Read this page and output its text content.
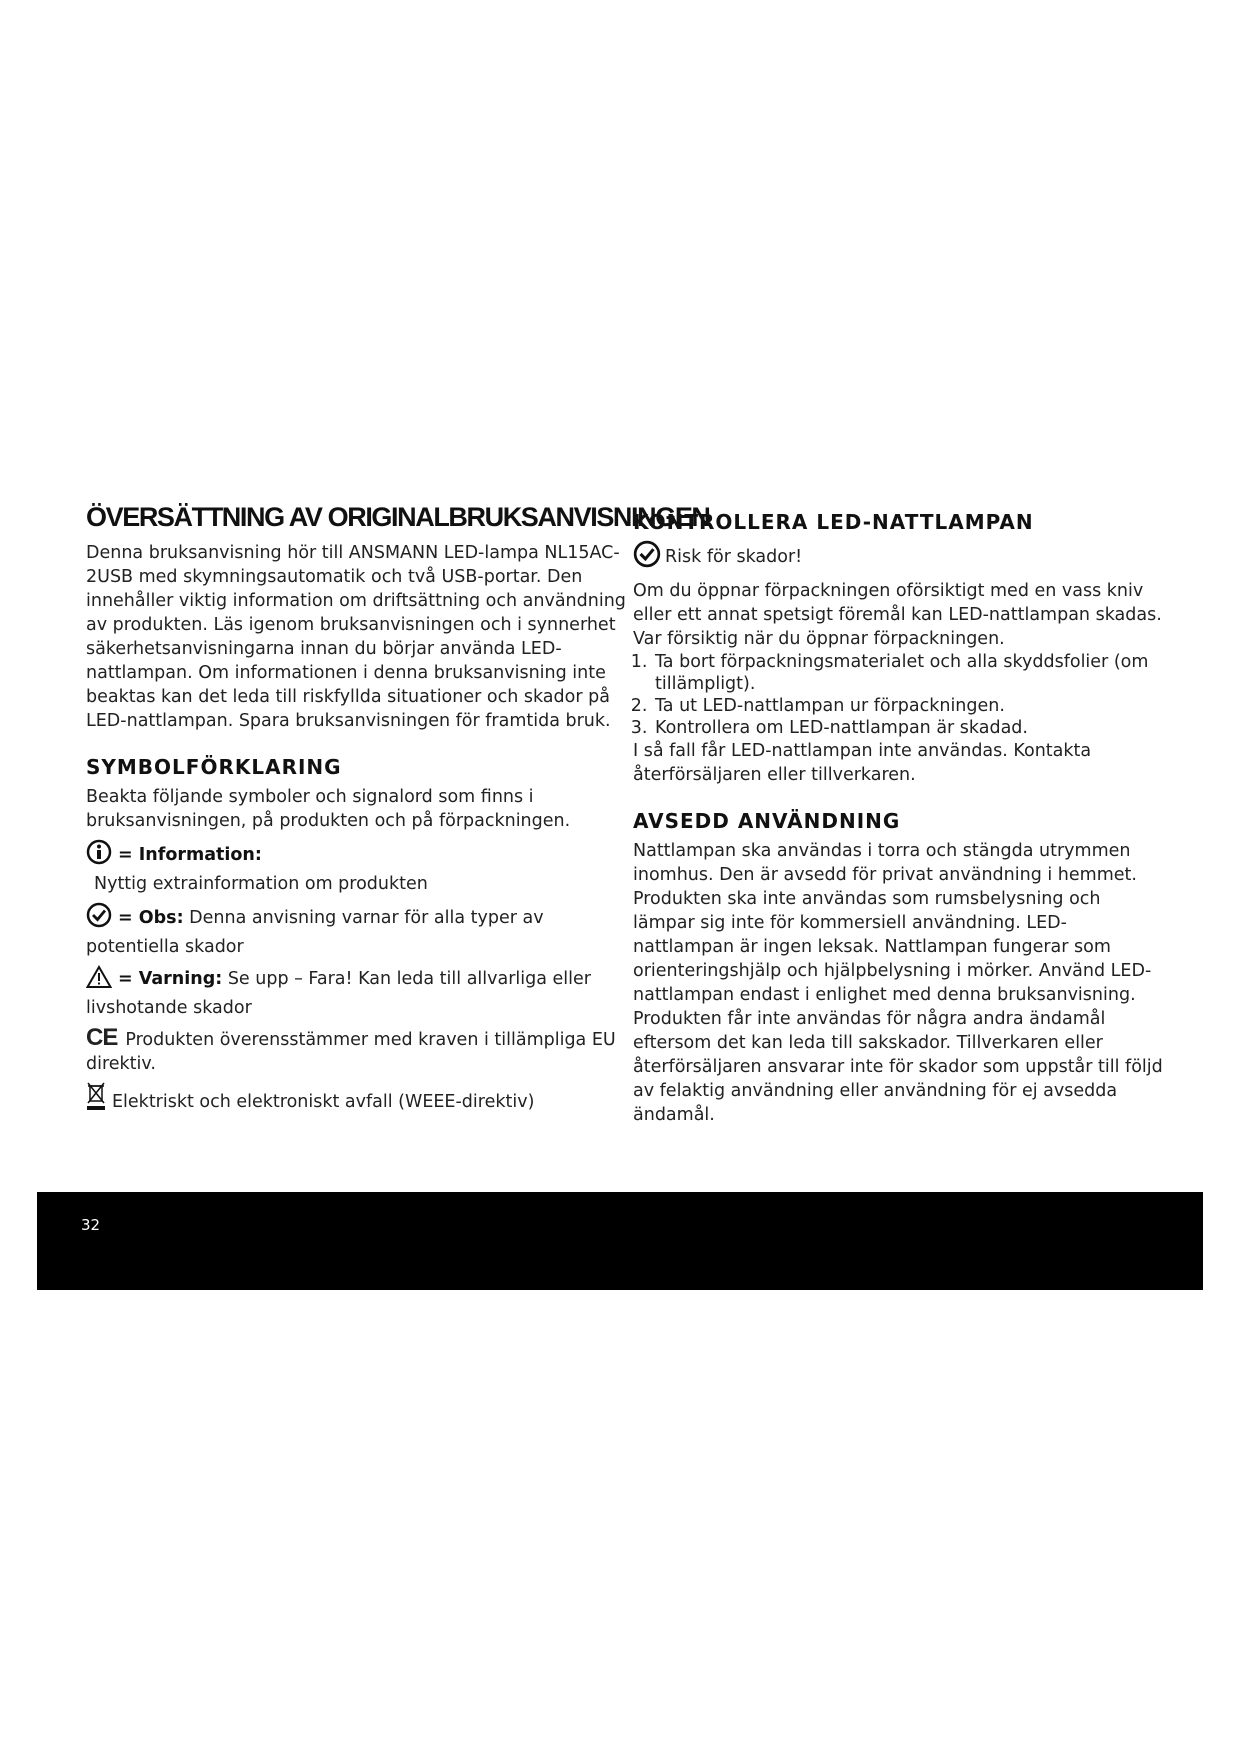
ÖVERSÄTTNING AV ORIGINALBRUKSANVISNINGEN

Denna bruksanvisning hör till ANSMANN LED-lampa NL15AC-2USB med skymningsautomatik och två USB-portar. Den innehåller viktig information om driftsättning och användning av produkten. Läs igenom bruksanvisningen och i synnerhet säkerhetsanvisningarna innan du börjar använda LED-nattlampan. Om informationen i denna bruksanvisning inte beaktas kan det leda till riskfyllda situationer och skador på LED-nattlampan. Spara bruksanvisningen för framtida bruk.

SYMBOLFÖRKLARING

Beakta följande symboler och signalord som finns i bruksanvisningen, på produkten och på förpackningen.

= Information:

Nyttig extrainformation om produkten

= Obs: Denna anvisning varnar för alla typer av potentiella skador
= Varning: Se upp – Fara! Kan leda till allvarliga eller livshotande skador
CE Produkten överensstämmer med kraven i tillämpliga EU direktiv.
Elektriskt och elektroniskt avfall (WEEE-direktiv)
KONTROLLERA LED-NATTLAMPAN
Risk för skador!

Om du öppnar förpackningen oförsiktigt med en vass kniv eller ett annat spetsigt föremål kan LED-nattlampan skadas. Var försiktig när du öppnar förpackningen.

1. Ta bort förpackningsmaterialet och alla skyddsfolier (om tillämpligt).
2. Ta ut LED-nattlampan ur förpackningen.
3. Kontrollera om LED-nattlampan är skadad.

I så fall får LED-nattlampan inte användas. Kontakta återförsäljaren eller tillverkaren.

AVSEDD ANVÄNDNING

Nattlampan ska användas i torra och stängda utrymmen inomhus. Den är avsedd för privat användning i hemmet. Produkten ska inte användas som rumsbelysning och lämpar sig inte för kommersiell användning. LED-nattlampan är ingen leksak. Nattlampan fungerar som orienteringshjälp och hjälpbelysning i mörker. Använd LED-nattlampan endast i enlighet med denna bruksanvisning. Produkten får inte användas för några andra ändamål eftersom det kan leda till sakskador. Tillverkaren eller återförsäljaren ansvarar inte för skador som uppstår till följd av felaktig användning eller användning för ej avsedda ändamål.

32
